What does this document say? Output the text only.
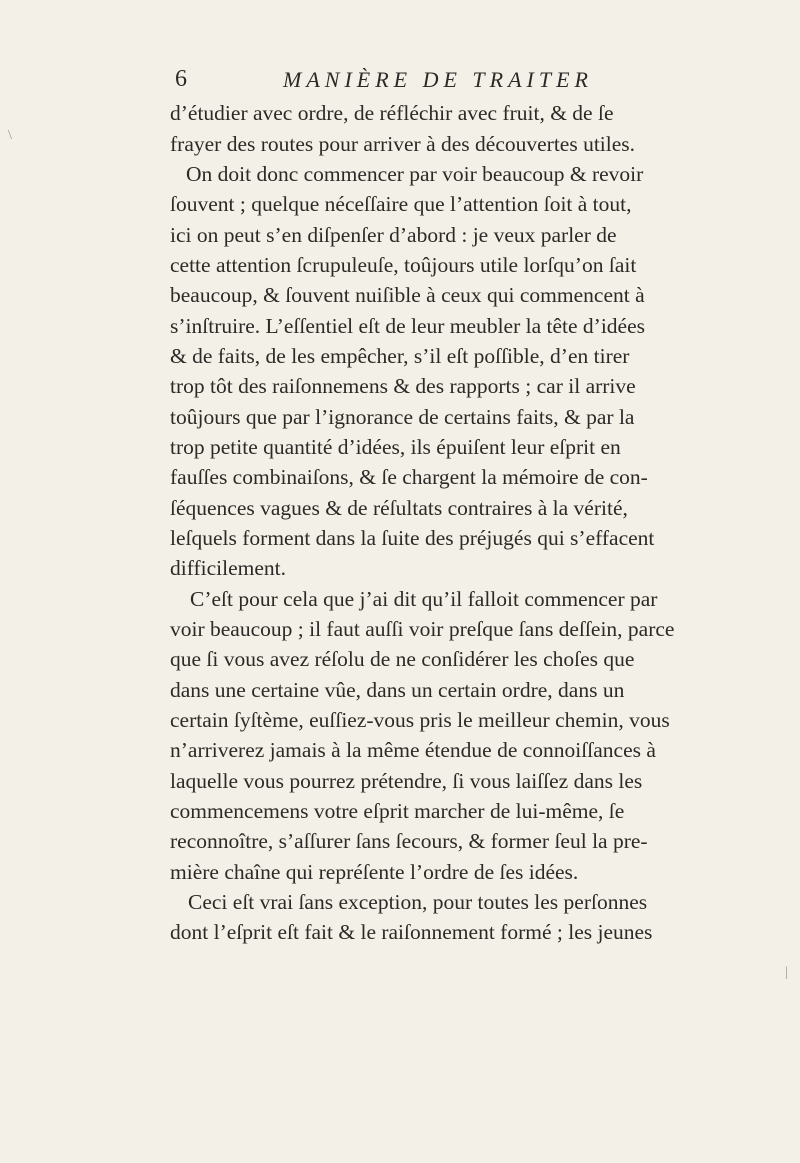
6	MANIÈRE DE TRAITER
d’étudier avec ordre, de réfléchir avec fruit, & de ſe
frayer des routes pour arriver à des découvertes utiles.
On doit donc commencer par voir beaucoup & revoir
ſouvent ; quelque néceſſaire que l’attention ſoit à tout,
ici on peut s’en diſpenſer d’abord : je veux parler de
cette attention ſcrupuleuſe, toûjours utile lorſqu’on ſait
beaucoup, & ſouvent nuiſible à ceux qui commencent à
s’inſtruire. L’eſſentiel eſt de leur meubler la tête d’idées
& de faits, de les empêcher, s’il eſt poſſible, d’en tirer
trop tôt des raiſonnemens & des rapports ; car il arrive
toûjours que par l’ignorance de certains faits, & par la
trop petite quantité d’idées, ils épuiſent leur eſprit en
fauſſes combinaiſons, & ſe chargent la mémoire de con-
ſéquences vagues & de réſultats contraires à la vérité,
leſquels forment dans la ſuite des préjugés qui s’effacent
difficilement.
C’eſt pour cela que j’ai dit qu’il falloit commencer par
voir beaucoup ; il faut auſſi voir preſque ſans deſſein, parce
que ſi vous avez réſolu de ne conſidérer les choſes que
dans une certaine vûe, dans un certain ordre, dans un
certain ſyſtème, euſſiez-vous pris le meilleur chemin, vous
n’arriverez jamais à la même étendue de connoiſſances à
laquelle vous pourrez prétendre, ſi vous laiſſez dans les
commencemens votre eſprit marcher de lui-même, ſe
reconnoître, s’aſſurer ſans ſecours, & former ſeul la pre-
mière chaîne qui repréſente l’ordre de ſes idées.
Ceci eſt vrai ſans exception, pour toutes les perſonnes
dont l’eſprit eſt fait & le raiſonnement formé ; les jeunes
\
|
